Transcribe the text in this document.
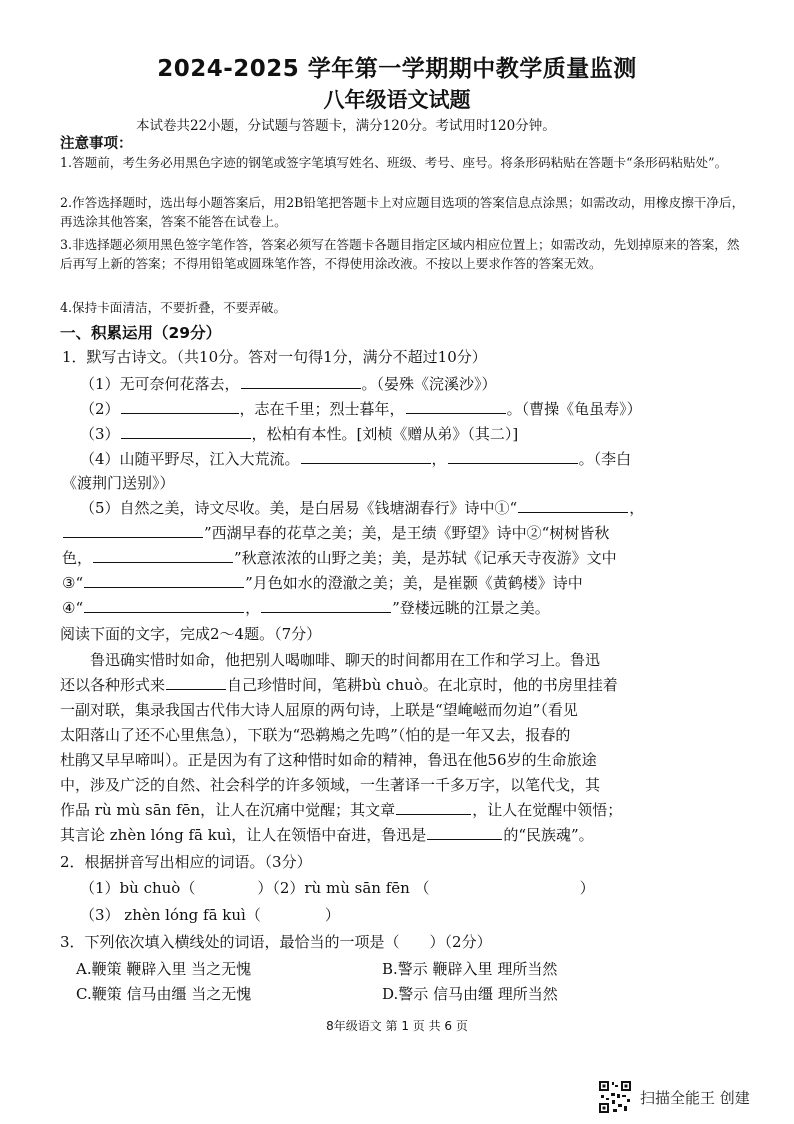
2024-2025 学年第一学期期中教学质量监测
八年级语文试题
本试卷共22小题，分试题与答题卡，满分120分。考试用时120分钟。
注意事项：
1.答题前，考生务必用黑色字迹的钢笔或签字笔填写姓名、班级、考号、座号。将条形码粘贴在答题卡“条形码粘贴处”。
2.作答选择题时，选出每小题答案后，用2B铅笔把答题卡上对应题目选项的答案信息点涂黑；如需改动，用橡皮擦干净后，再选涂其他答案，答案不能答在试卷上。
3.非选择题必须用黑色签字笔作答，答案必须写在答题卡各题目指定区域内相应位置上；如需改动，先划掉原来的答案，然后再写上新的答案；不得用铅笔或圆珠笔作答，不得使用涂改液。不按以上要求作答的答案无效。
4.保持卡面清洁，不要折叠，不要弄破。
一、积累运用（29分）
1．默写古诗文。（共10分。答对一句得1分，满分不超过10分）
（1）无可奈何花落去，	。（晏殊《浣溪沙》）
（2）	，志在千里；烈士暮年，	。（曹操《龟虽寿》）
（3）	，松柏有本性。[刘桢《赠从弟》（其二）]
（4）山随平野尽，江入大荒流。	，	。（李白
《渡荆门送别》）
（5）自然之美，诗文尽收。美，是白居易《钱塘湖春行》诗中①“	，
”西湖早春的花草之美；美，是王绩《野望》诗中②“树树皆秋
色，	”秋意浓浓的山野之美；美，是苏轼《记承天寺夜游》文中
③“	”月色如水的澄澈之美；美，是崔颢《黄鹤楼》诗中
④“	，	”登楼远眺的江景之美。
阅读下面的文字，完成2～4题。（7分）
鲁迅确实惜时如命，他把别人喝咖啡、聊天的时间都用在工作和学习上。鲁迅
还以各种形式来	自己珍惜时间，笔耕bù chuò。在北京时，他的书房里挂着
一副对联，集录我国古代伟大诗人屈原的两句诗，上联是“望崦嵫而勿迫”（看见
太阳落山了还不心里焦急），下联为“恐鹈鴂之先鸣”（怕的是一年又去，报春的
杜鹃又早早啼叫）。正是因为有了这种惜时如命的精神，鲁迅在他56岁的生命旅途
中，涉及广泛的自然、社会科学的许多领域，一生著译一千多万字，以笔代戈，其
作品 rù mù sān fēn，让人在沉痛中觉醒；其文章	，让人在觉醒中领悟；
其言论 zhèn lóng fā kuì，让人在领悟中奋进，鲁迅是	的“民族魂”。
2．根据拼音写出相应的词语。（3分）
（1）bù chuò（	）（2）rù mù sān fēn （	）
（3） zhèn lóng fā kuì（	）
3．下列依次填入横线处的词语，最恰当的一项是（ ）（2分）
A.鞭策 鞭辟入里 当之无愧	B.警示 鞭辟入里 理所当然
C.鞭策 信马由缰 当之无愧	D.警示 信马由缰 理所当然
8年级语文 第 1 页 共 6 页
扫描全能王 创建
